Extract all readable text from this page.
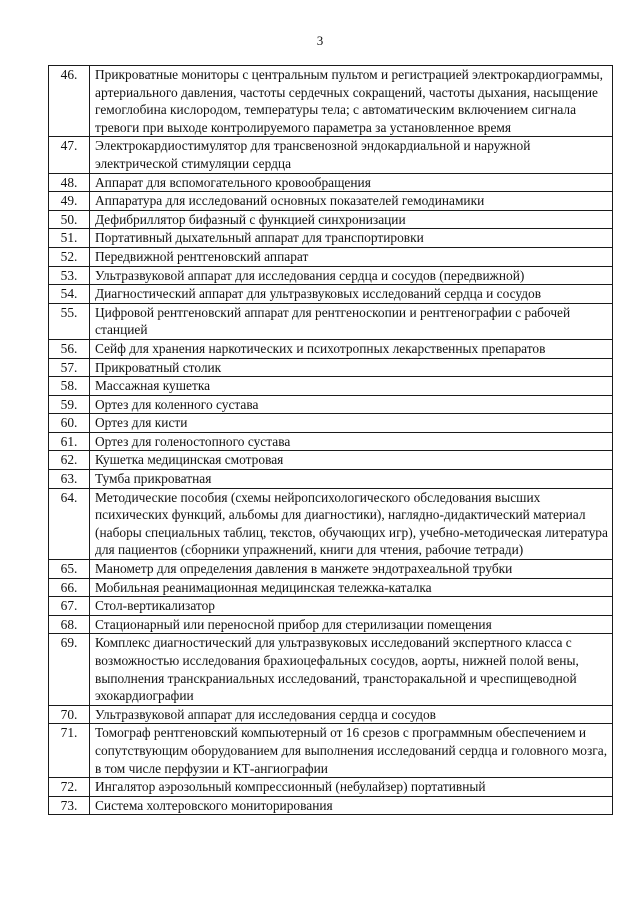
3
46.	Прикроватные мониторы с центральным пультом и регистрацией электрокардиограммы, артериального давления, частоты сердечных сокращений, частоты дыхания, насыщение гемоглобина кислородом, температуры тела; с автоматическим включением сигнала тревоги при выходе контролируемого параметра за установленное время
47.	Электрокардиостимулятор для трансвенозной эндокардиальной и наружной электрической стимуляции сердца
48.	Аппарат для вспомогательного кровообращения
49.	Аппаратура для исследований основных показателей гемодинамики
50.	Дефибриллятор бифазный с функцией синхронизации
51.	Портативный дыхательный аппарат для транспортировки
52.	Передвижной рентгеновский аппарат
53.	Ультразвуковой аппарат для исследования сердца и сосудов (передвижной)
54.	Диагностический аппарат для ультразвуковых исследований сердца и сосудов
55.	Цифровой рентгеновский аппарат для рентгеноскопии и рентгенографии с рабочей станцией
56.	Сейф для хранения наркотических и психотропных лекарственных препаратов
57.	Прикроватный столик
58.	Массажная кушетка
59.	Ортез для коленного сустава
60.	Ортез для кисти
61.	Ортез для голеностопного сустава
62.	Кушетка медицинская смотровая
63.	Тумба прикроватная
64.	Методические пособия (схемы нейропсихологического обследования высших психических функций, альбомы для диагностики), наглядно-дидактический материал (наборы специальных таблиц, текстов, обучающих игр), учебно-методическая литература для пациентов (сборники упражнений, книги для чтения, рабочие тетради)
65.	Манометр для определения давления в манжете эндотрахеальной трубки
66.	Мобильная реанимационная медицинская тележка-каталка
67.	Стол-вертикализатор
68.	Стационарный или переносной прибор для стерилизации помещения
69.	Комплекс диагностический для ультразвуковых исследований экспертного класса с возможностью исследования брахиоцефальных сосудов, аорты, нижней полой вены, выполнения транскраниальных исследований, трансторакальной и чреспищеводной эхокардиографии
70.	Ультразвуковой аппарат для исследования сердца и сосудов
71.	Томограф рентгеновский компьютерный от 16 срезов с программным обеспечением и сопутствующим оборудованием для выполнения исследований сердца и головного мозга, в том числе перфузии и КТ-ангиографии
72.	Ингалятор аэрозольный компрессионный (небулайзер) портативный
73.	Система холтеровского мониторирования
